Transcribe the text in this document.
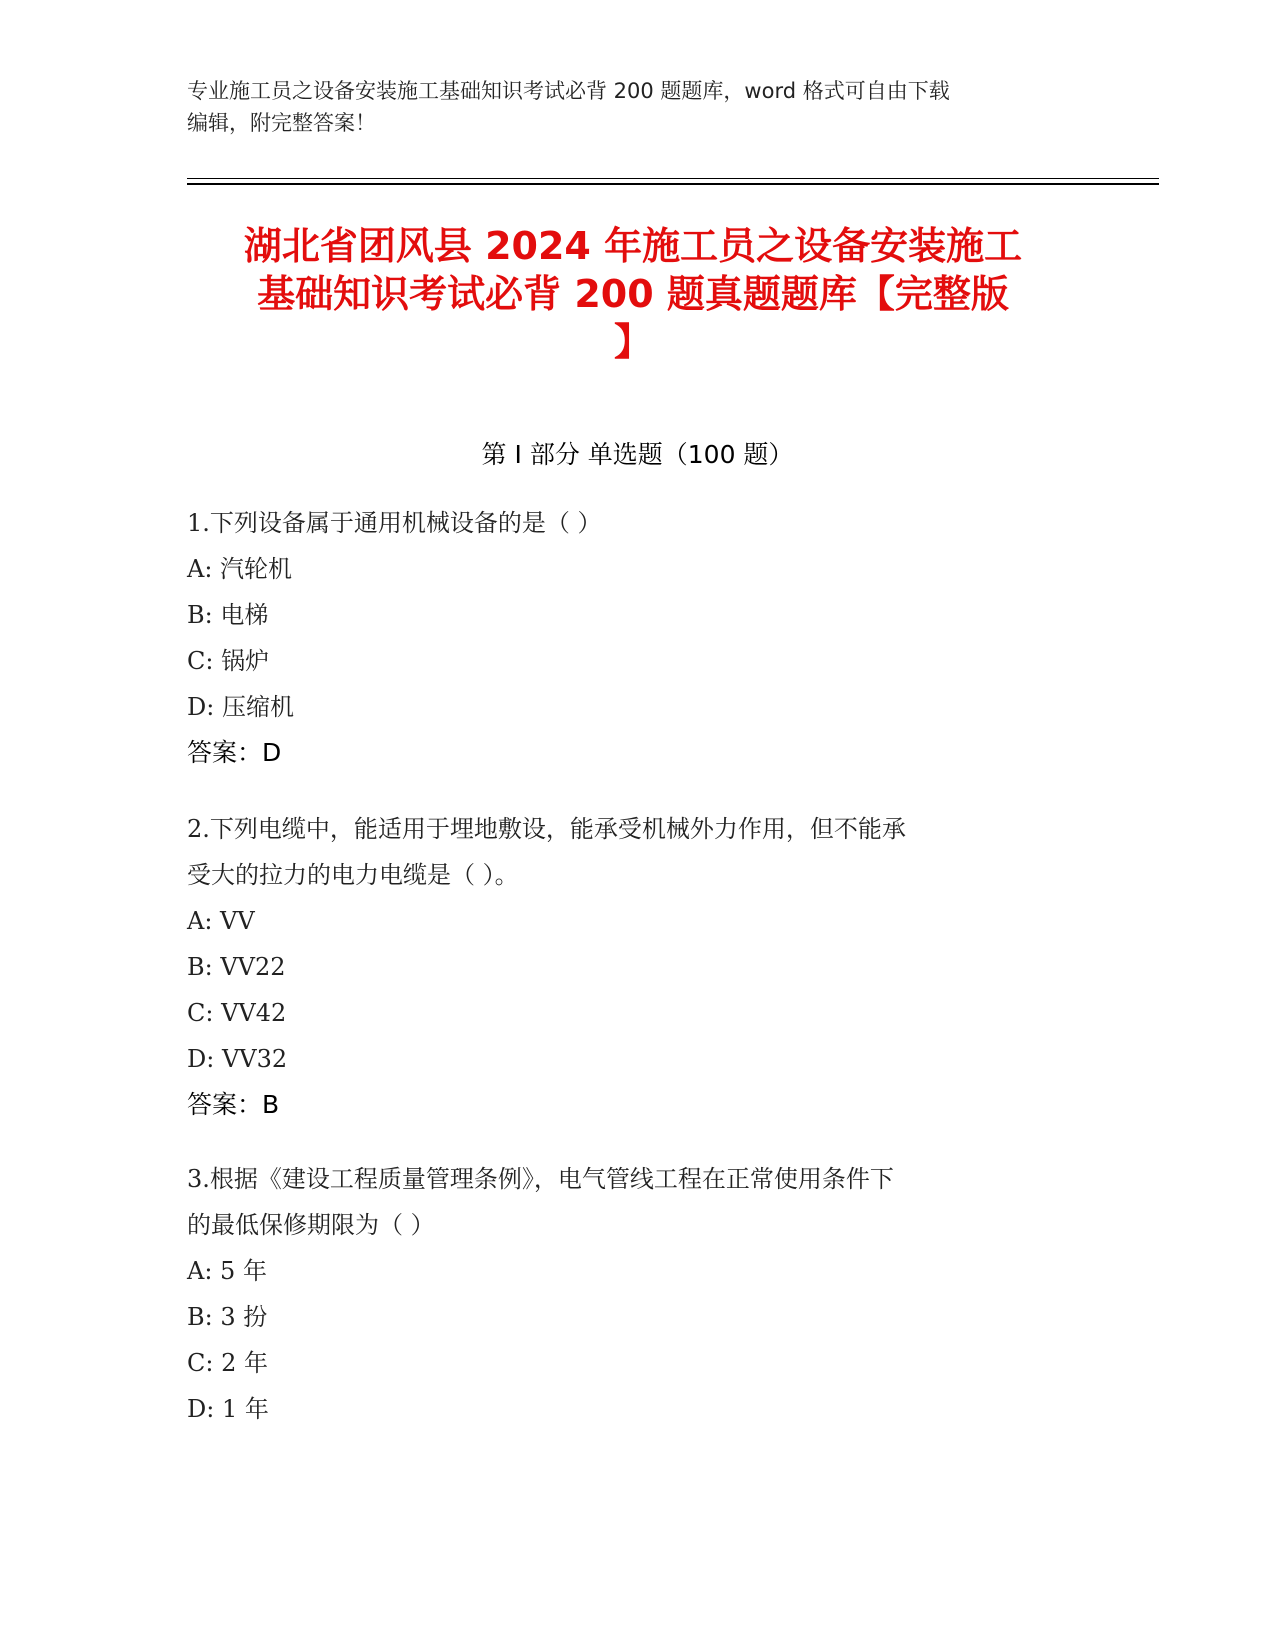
专业施工员之设备安装施工基础知识考试必背 200 题题库，word 格式可自由下载
编辑，附完整答案！
湖北省团风县 2024 年施工员之设备安装施工
基础知识考试必背 200 题真题题库【完整版
】
第 I 部分 单选题（100 题）
1.下列设备属于通用机械设备的是（ ）
A: 汽轮机
B: 电梯
C: 锅炉
D: 压缩机
答案：D
2.下列电缆中，能适用于埋地敷设，能承受机械外力作用，但不能承
受大的拉力的电力电缆是（ ）。
A: VV
B: VV22
C: VV42
D: VV32
答案：B
3.根据《建设工程质量管理条例》，电气管线工程在正常使用条件下
的最低保修期限为（ ）
A: 5 年
B: 3 扮
C: 2 年
D: 1 年
